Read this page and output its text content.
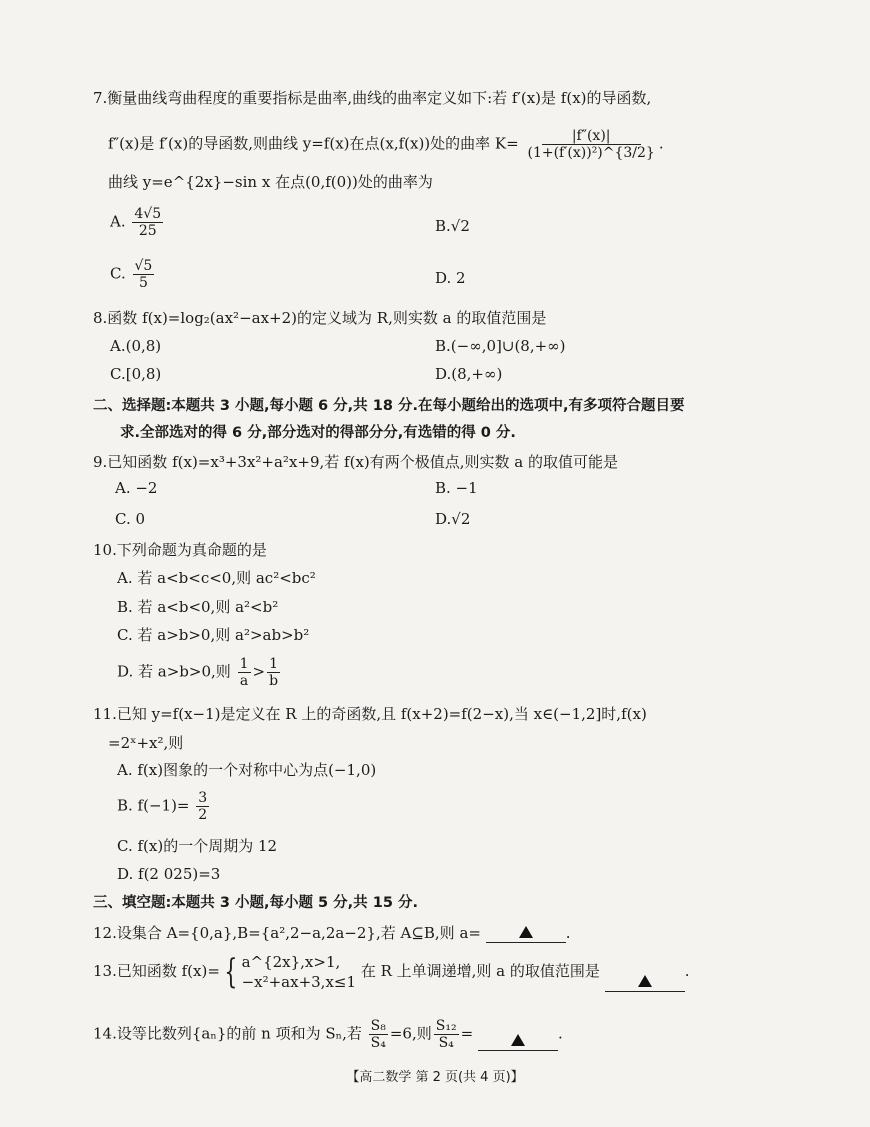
7.衡量曲线弯曲程度的重要指标是曲率,曲线的曲率定义如下:若 f′(x)是 f(x)的导函数,
f″(x)是 f′(x)的导函数,则曲线 y=f(x)在点(x,f(x))处的曲率 $K= \frac{|f''(x)|}{\text{(1+(f′(x))²)\textasciicircum{}\{3/2\}}}$ .
曲线 y=e^{2x}−sin x 在点(0,f(0))处的曲率为
A. $\frac{4√5}{25}$	B.√2
C. $\frac{√5}{5}$	D. 2
8.函数 f(x)=log₂(ax²−ax+2)的定义域为 R,则实数 a 的取值范围是
A.(0,8)	B.(−∞,0]∪(8,+∞)
C.[0,8)	D.(8,+∞)
二、选择题:本题共 3 小题,每小题 6 分,共 18 分.在每小题给出的选项中,有多项符合题目要
求.全部选对的得 6 分,部分选对的得部分分,有选错的得 0 分.
9.已知函数 f(x)=x³+3x²+a²x+9,若 f(x)有两个极值点,则实数 a 的取值可能是
A. −2	B. −1
C. 0	D.√2
10.下列命题为真命题的是
A. 若 a<b<c<0,则 ac²<bc²
B. 若 a<b<0,则 a²<b²
C. 若 a>b>0,则 a²>ab>b²
D. 若 a>b>0,则 $\frac{1}{a} > \frac{1}{b}$
11.已知 y=f(x−1)是定义在 R 上的奇函数,且 f(x+2)=f(2−x),当 x∈(−1,2]时,f(x)
=2ˣ+x²,则
A. f(x)图象的一个对称中心为点(−1,0)
B. $f(-1)= \frac{3}{2}$
C. f(x)的一个周期为 12
D. f(2 025)=3
三、填空题:本题共 3 小题,每小题 5 分,共 15 分.
12.设集合 A={0,a},B={a²,2−a,2a−2},若 A⊆B,则 a=	.
13.已知函数 f(x)= { a^{2x},x>1,
−x²+ax+3,x≤1
在 R 上单调递增,则 a 的取值范围是	.
14.设等比数列{aₙ}的前 n 项和为 Sₙ,若 $\frac{\text{S₈}}{\text{S₄}} =6$,则 $\frac{\text{S₁₂}}{\text{S₄}}$ =	.
【高二数学 第 2 页(共 4 页)】
